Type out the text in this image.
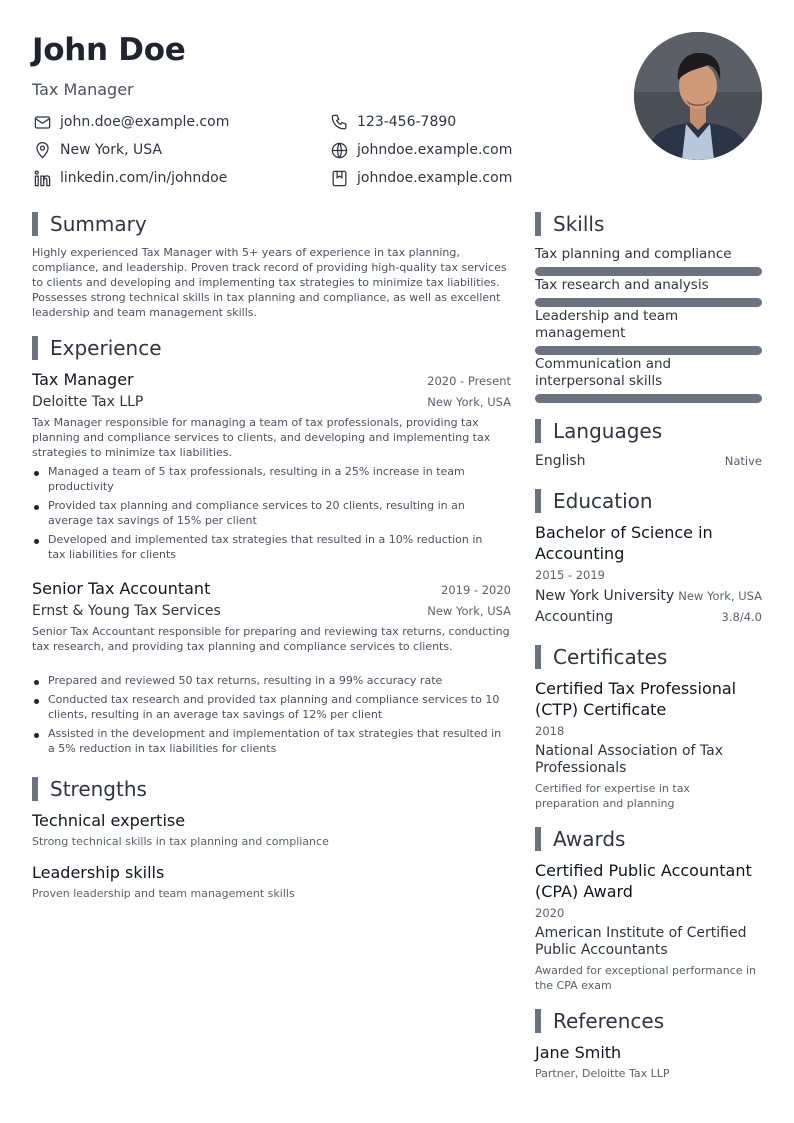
John Doe
Tax Manager
john.doe@example.com	123-456-7890
New York, USA	johndoe.example.com
linkedin.com/in/johndoe	johndoe.example.com
Summary
Highly experienced Tax Manager with 5+ years of experience in tax planning, compliance, and leadership. Proven track record of providing high-quality tax services to clients and developing and implementing tax strategies to minimize tax liabilities. Possesses strong technical skills in tax planning and compliance, as well as excellent leadership and team management skills.
Experience
Tax Manager	2020 - Present
Deloitte Tax LLP	New York, USA
Tax Manager responsible for managing a team of tax professionals, providing tax planning and compliance services to clients, and developing and implementing tax strategies to minimize tax liabilities.
Managed a team of 5 tax professionals, resulting in a 25% increase in team productivity
Provided tax planning and compliance services to 20 clients, resulting in an average tax savings of 15% per client
Developed and implemented tax strategies that resulted in a 10% reduction in tax liabilities for clients
Senior Tax Accountant	2019 - 2020
Ernst & Young Tax Services	New York, USA
Senior Tax Accountant responsible for preparing and reviewing tax returns, conducting tax research, and providing tax planning and compliance services to clients.
Prepared and reviewed 50 tax returns, resulting in a 99% accuracy rate
Conducted tax research and provided tax planning and compliance services to 10 clients, resulting in an average tax savings of 12% per client
Assisted in the development and implementation of tax strategies that resulted in a 5% reduction in tax liabilities for clients
Strengths
Technical expertise
Strong technical skills in tax planning and compliance
Leadership skills
Proven leadership and team management skills
Skills
Tax planning and compliance
Tax research and analysis
Leadership and team management
Communication and interpersonal skills
Languages
English	Native
Education
Bachelor of Science in Accounting
2015 - 2019
New York University New York, USA
Accounting	3.8/4.0
Certificates
Certified Tax Professional (CTP) Certificate
2018
National Association of Tax Professionals
Certified for expertise in tax preparation and planning
Awards
Certified Public Accountant (CPA) Award
2020
American Institute of Certified Public Accountants
Awarded for exceptional performance in the CPA exam
References
Jane Smith
Partner, Deloitte Tax LLP
